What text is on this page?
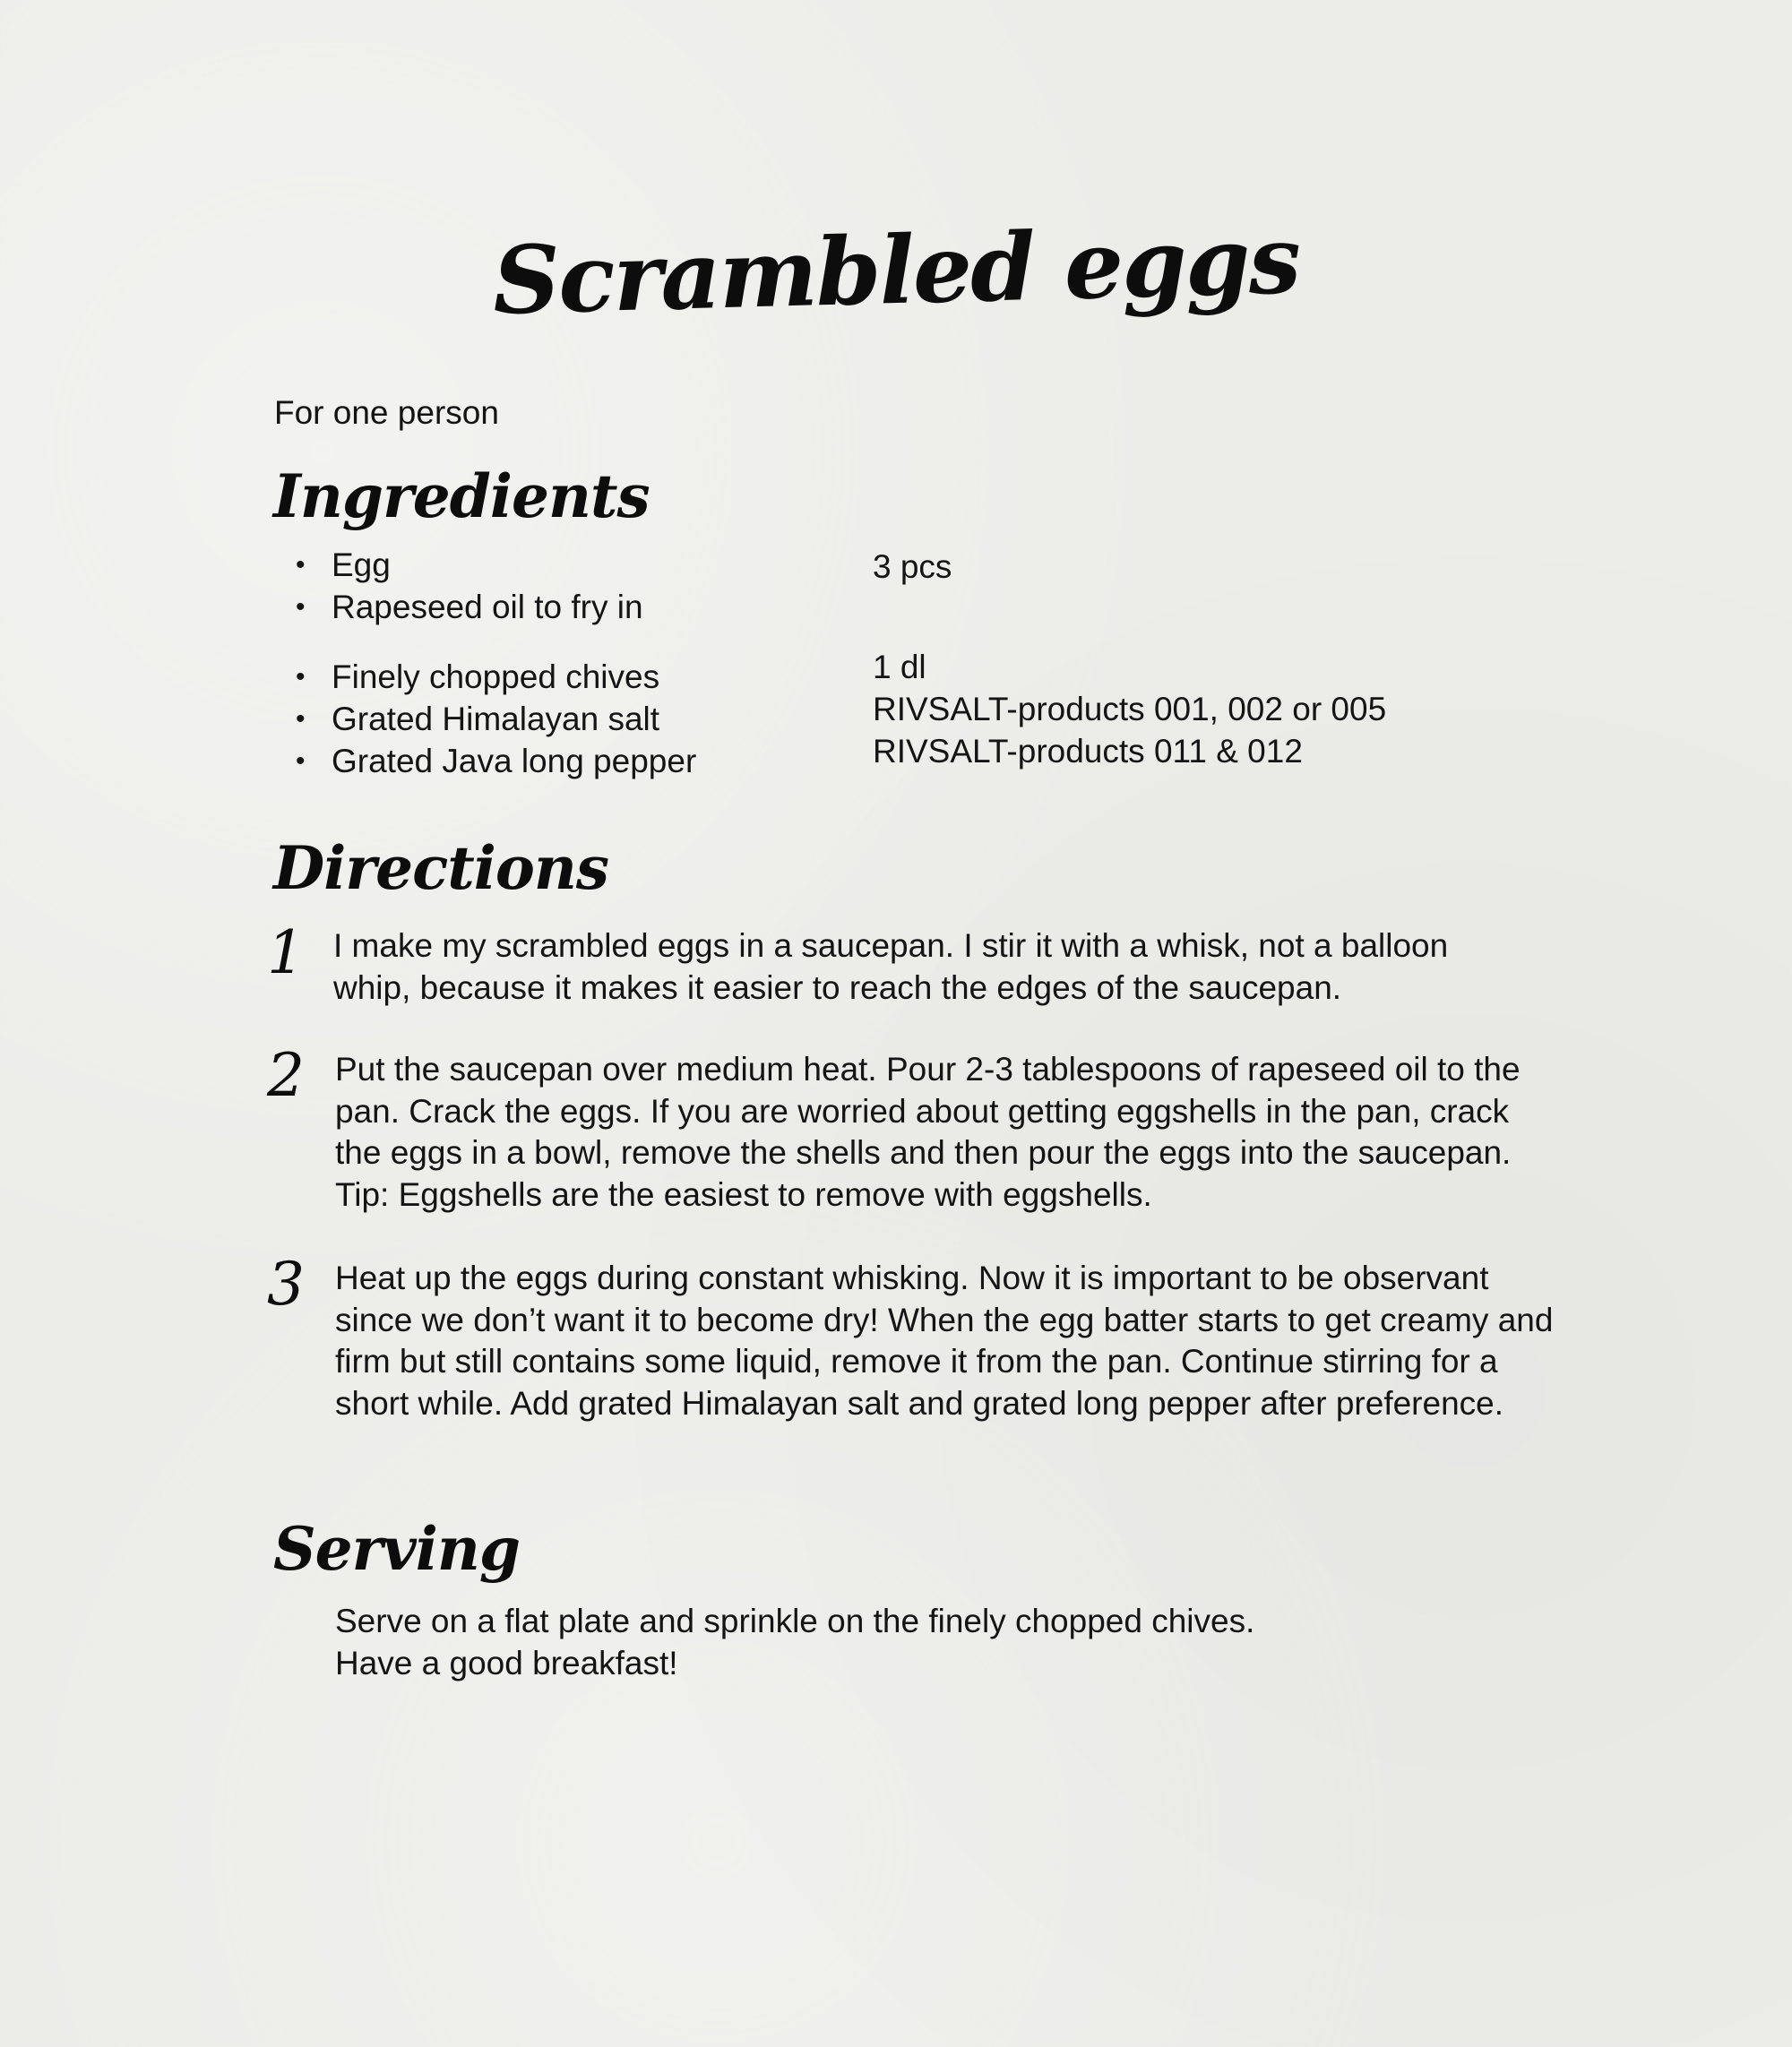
Scrambled eggs

For one person

Ingredients
• Egg	3 pcs
• Rapeseed oil to fry in
• Finely chopped chives	1 dl
• Grated Himalayan salt	RIVSALT-products 001, 002 or 005
• Grated Java long pepper	RIVSALT-products 011 & 012
Directions
1 I make my scrambled eggs in a saucepan. I stir it with a whisk, not a balloon whip, because it makes it easier to reach the edges of the saucepan.

2 Put the saucepan over medium heat. Pour 2-3 tablespoons of rapeseed oil to the pan. Crack the eggs. If you are worried about getting eggshells in the pan, crack the eggs in a bowl, remove the shells and then pour the eggs into the saucepan. Tip: Eggshells are the easiest to remove with eggshells.

3 Heat up the eggs during constant whisking. Now it is important to be observant since we don’t want it to become dry! When the egg batter starts to get creamy and firm but still contains some liquid, remove it from the pan. Continue stirring for a short while. Add grated Himalayan salt and grated long pepper after preference.

Serving
Serve on a flat plate and sprinkle on the finely chopped chives.
Have a good breakfast!
